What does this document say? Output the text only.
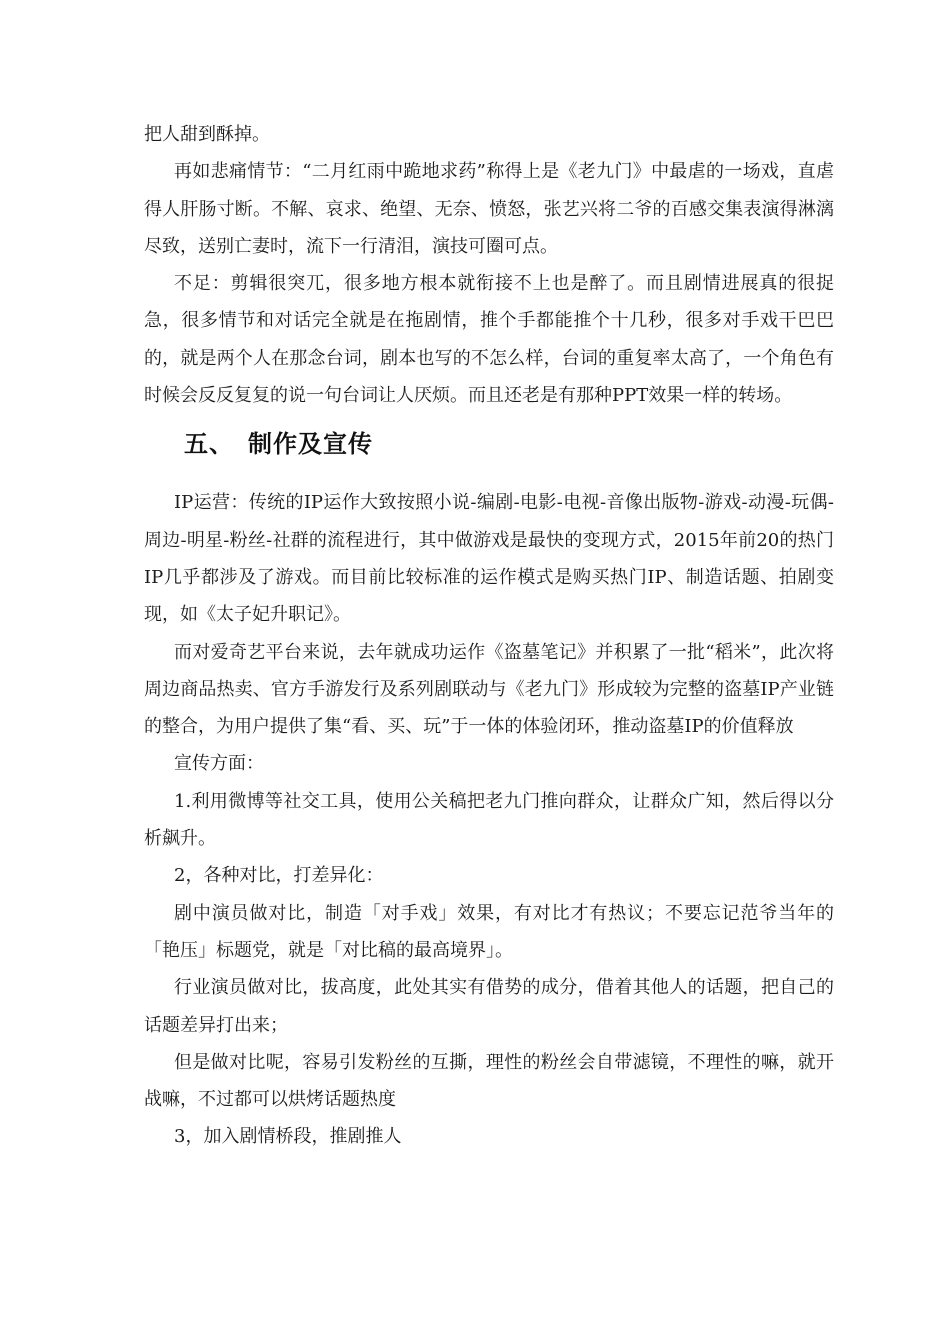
把人甜到酥掉。

再如悲痛情节：“二月红雨中跪地求药”称得上是《老九门》中最虐的一场戏，直虐得人肝肠寸断。不解、哀求、绝望、无奈、愤怒，张艺兴将二爷的百感交集表演得淋漓尽致，送别亡妻时，流下一行清泪，演技可圈可点。

不足：剪辑很突兀，很多地方根本就衔接不上也是醉了。而且剧情进展真的很捉急，很多情节和对话完全就是在拖剧情，推个手都能推个十几秒，很多对手戏干巴巴的，就是两个人在那念台词，剧本也写的不怎么样，台词的重复率太高了，一个角色有时候会反反复复的说一句台词让人厌烦。而且还老是有那种PPT效果一样的转场。

五、 制作及宣传

IP运营：传统的IP运作大致按照小说-编剧-电影-电视-音像出版物-游戏-动漫-玩偶-周边-明星-粉丝-社群的流程进行，其中做游戏是最快的变现方式，2015年前20的热门IP几乎都涉及了游戏。而目前比较标准的运作模式是购买热门IP、制造话题、拍剧变现，如《太子妃升职记》。

而对爱奇艺平台来说，去年就成功运作《盗墓笔记》并积累了一批“稻米”，此次将周边商品热卖、官方手游发行及系列剧联动与《老九门》形成较为完整的盗墓IP产业链的整合，为用户提供了集“看、买、玩”于一体的体验闭环，推动盗墓IP的价值释放

宣传方面：

1.利用微博等社交工具，使用公关稿把老九门推向群众，让群众广知，然后得以分析飙升。

2，各种对比，打差异化：

剧中演员做对比，制造「对手戏」效果，有对比才有热议；不要忘记范爷当年的「艳压」标题党，就是「对比稿的最高境界」。

行业演员做对比，拔高度，此处其实有借势的成分，借着其他人的话题，把自己的话题差异打出来；

但是做对比呢，容易引发粉丝的互撕，理性的粉丝会自带滤镜，不理性的嘛，就开战嘛，不过都可以烘烤话题热度

3，加入剧情桥段，推剧推人
